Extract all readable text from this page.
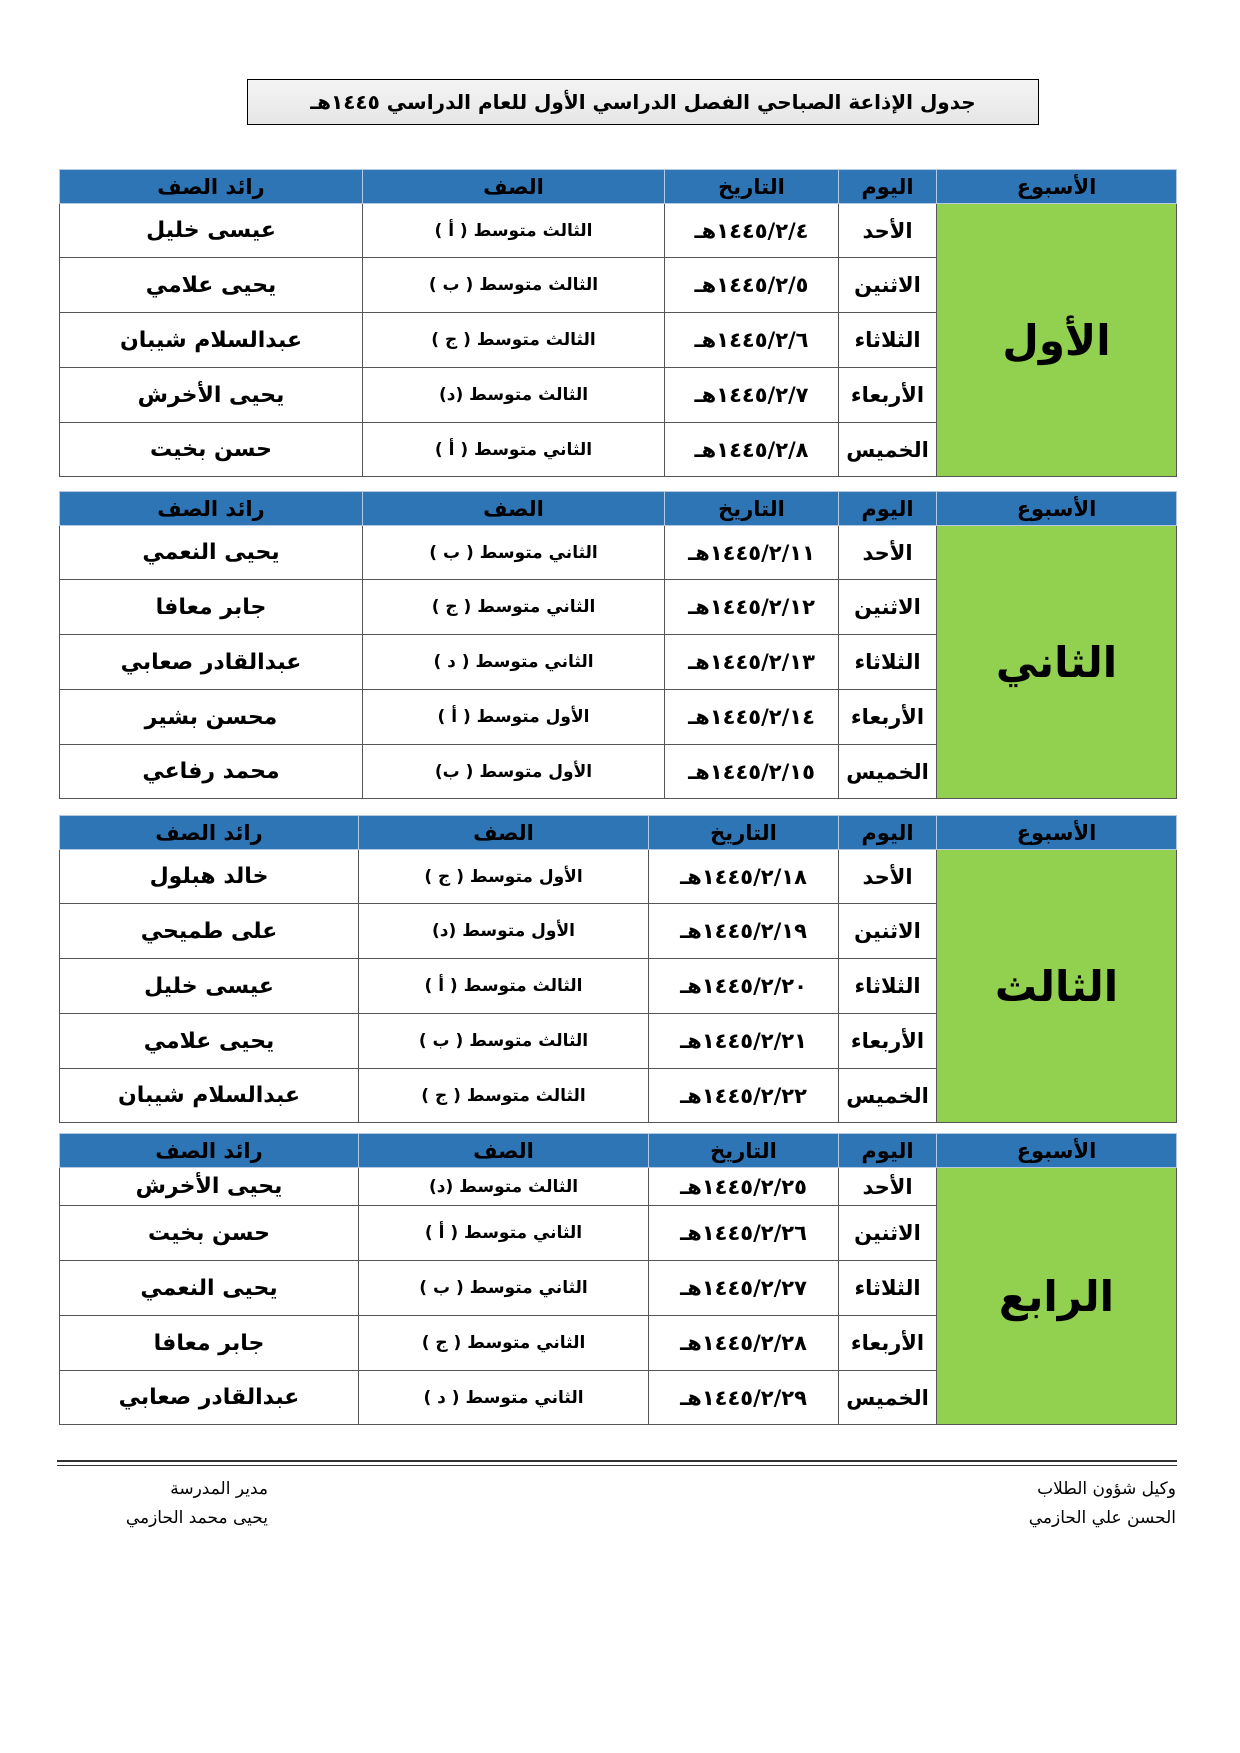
جدول الإذاعة الصباحي الفصل الدراسي الأول للعام الدراسي ١٤٤٥هـ
الأسبوع	اليوم	التاريخ	الصف	رائد الصف
الأول	الأحد	١٤٤٥/٢/٤هـ	الثالث متوسط ( أ )	عيسى خليل
	الاثنين	١٤٤٥/٢/٥هـ	الثالث متوسط ( ب )	يحيى علامي
	الثلاثاء	١٤٤٥/٢/٦هـ	الثالث متوسط ( ج )	عبدالسلام شيبان
	الأربعاء	١٤٤٥/٢/٧هـ	الثالث متوسط (د)	يحيى الأخرش
	الخميس	١٤٤٥/٢/٨هـ	الثاني متوسط ( أ )	حسن بخيت
الأسبوع	اليوم	التاريخ	الصف	رائد الصف
الثاني	الأحد	١٤٤٥/٢/١١هـ	الثاني متوسط ( ب )	يحيى النعمي
	الاثنين	١٤٤٥/٢/١٢هـ	الثاني متوسط ( ج )	جابر معافا
	الثلاثاء	١٤٤٥/٢/١٣هـ	الثاني متوسط ( د )	عبدالقادر صعابي
	الأربعاء	١٤٤٥/٢/١٤هـ	الأول متوسط ( أ )	محسن بشير
	الخميس	١٤٤٥/٢/١٥هـ	الأول متوسط ( ب)	محمد رفاعي
الأسبوع	اليوم	التاريخ	الصف	رائد الصف
الثالث	الأحد	١٤٤٥/٢/١٨هـ	الأول متوسط ( ج )	خالد هبلول
	الاثنين	١٤٤٥/٢/١٩هـ	الأول متوسط (د)	على طميحي
	الثلاثاء	١٤٤٥/٢/٢٠هـ	الثالث متوسط ( أ )	عيسى خليل
	الأربعاء	١٤٤٥/٢/٢١هـ	الثالث متوسط ( ب )	يحيى علامي
	الخميس	١٤٤٥/٢/٢٢هـ	الثالث متوسط ( ج )	عبدالسلام شيبان
الأسبوع	اليوم	التاريخ	الصف	رائد الصف
الرابع	الأحد	١٤٤٥/٢/٢٥هـ	الثالث متوسط (د)	يحيى الأخرش
	الاثنين	١٤٤٥/٢/٢٦هـ	الثاني متوسط ( أ )	حسن بخيت
	الثلاثاء	١٤٤٥/٢/٢٧هـ	الثاني متوسط ( ب )	يحيى النعمي
	الأربعاء	١٤٤٥/٢/٢٨هـ	الثاني متوسط ( ج )	جابر معافا
	الخميس	١٤٤٥/٢/٢٩هـ	الثاني متوسط ( د )	عبدالقادر صعابي
وكيل شؤون الطلاب
الحسن علي الحازمي
مدير المدرسة
يحيى محمد الحازمي
